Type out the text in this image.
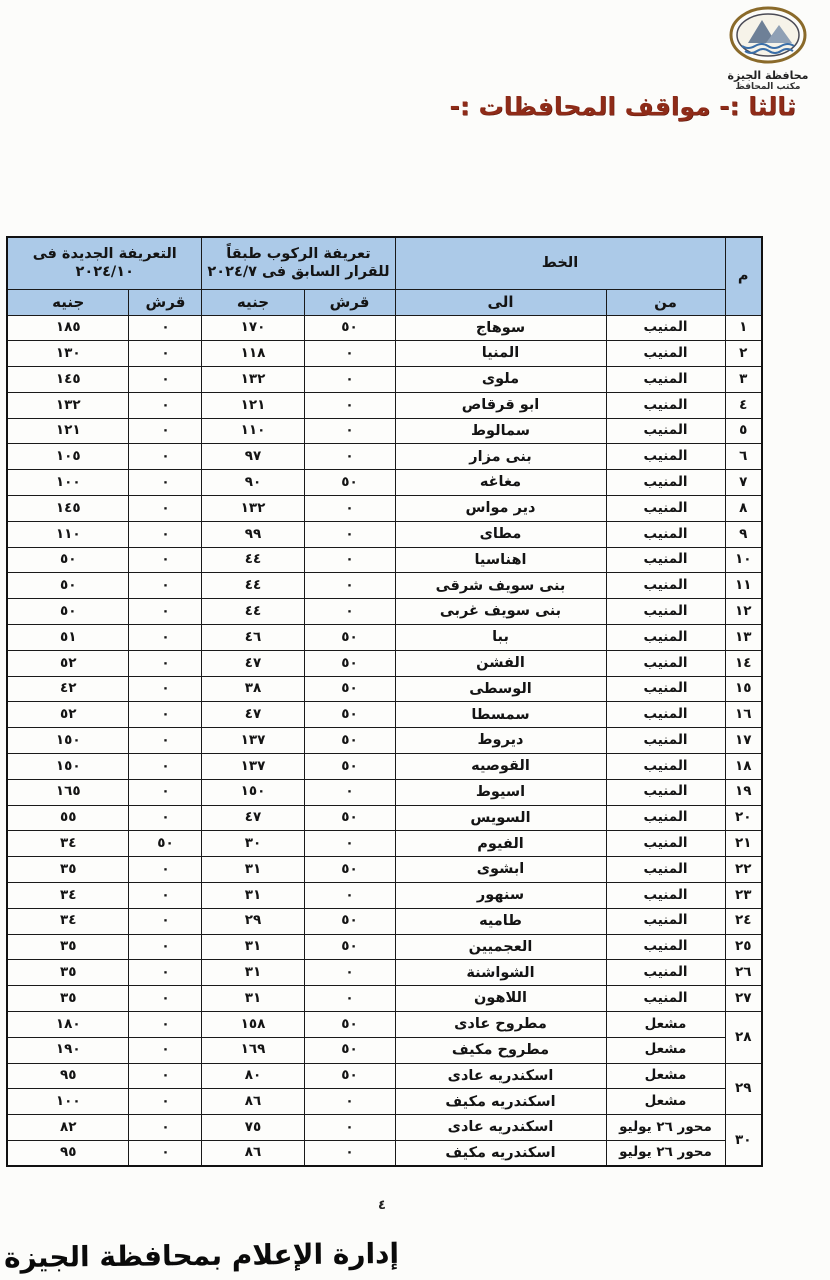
محافظة الجيزة
مكتب المحافظ
ثالثا :- مواقف المحافظات :-
م	الخط		تعريفة الركوب طبقاً للقرار السابق فى ٢٠٢٤/٧		التعريفة الجديدة فى ٢٠٢٤/١٠	
	من	الى	قرش	جنيه	قرش	جنيه
١	المنيب	سوهاج	٥٠	١٧٠	٠	١٨٥
٢	المنيب	المنيا	٠	١١٨	٠	١٣٠
٣	المنيب	ملوى	٠	١٣٢	٠	١٤٥
٤	المنيب	ابو قرقاص	٠	١٢١	٠	١٣٢
٥	المنيب	سمالوط	٠	١١٠	٠	١٢١
٦	المنيب	بنى مزار	٠	٩٧	٠	١٠٥
٧	المنيب	مغاغه	٥٠	٩٠	٠	١٠٠
٨	المنيب	دير مواس	٠	١٣٢	٠	١٤٥
٩	المنيب	مطاى	٠	٩٩	٠	١١٠
١٠	المنيب	اهناسيا	٠	٤٤	٠	٥٠
١١	المنيب	بنى سويف شرقى	٠	٤٤	٠	٥٠
١٢	المنيب	بنى سويف غربى	٠	٤٤	٠	٥٠
١٣	المنيب	ببا	٥٠	٤٦	٠	٥١
١٤	المنيب	الفشن	٥٠	٤٧	٠	٥٢
١٥	المنيب	الوسطى	٥٠	٣٨	٠	٤٢
١٦	المنيب	سمسطا	٥٠	٤٧	٠	٥٢
١٧	المنيب	ديروط	٥٠	١٣٧	٠	١٥٠
١٨	المنيب	القوصيه	٥٠	١٣٧	٠	١٥٠
١٩	المنيب	اسيوط	٠	١٥٠	٠	١٦٥
٢٠	المنيب	السويس	٥٠	٤٧	٠	٥٥
٢١	المنيب	الفيوم	٠	٣٠	٥٠	٣٤
٢٢	المنيب	ابشوى	٥٠	٣١	٠	٣٥
٢٣	المنيب	سنهور	٠	٣١	٠	٣٤
٢٤	المنيب	طاميه	٥٠	٢٩	٠	٣٤
٢٥	المنيب	العجميين	٥٠	٣١	٠	٣٥
٢٦	المنيب	الشواشنة	٠	٣١	٠	٣٥
٢٧	المنيب	اللاهون	٠	٣١	٠	٣٥
٢٨	مشعل	مطروح عادى	٥٠	١٥٨	٠	١٨٠
	مشعل	مطروح مكيف	٥٠	١٦٩	٠	١٩٠
٢٩	مشعل	اسكندريه عادى	٥٠	٨٠	٠	٩٥
	مشعل	اسكندريه مكيف	٠	٨٦	٠	١٠٠
٣٠	محور ٢٦ يوليو	اسكندريه عادى	٠	٧٥	٠	٨٢
	محور ٢٦ يوليو	اسكندريه مكيف	٠	٨٦	٠	٩٥
٤
إدارة الإعلام بمحافظة الجيزة
